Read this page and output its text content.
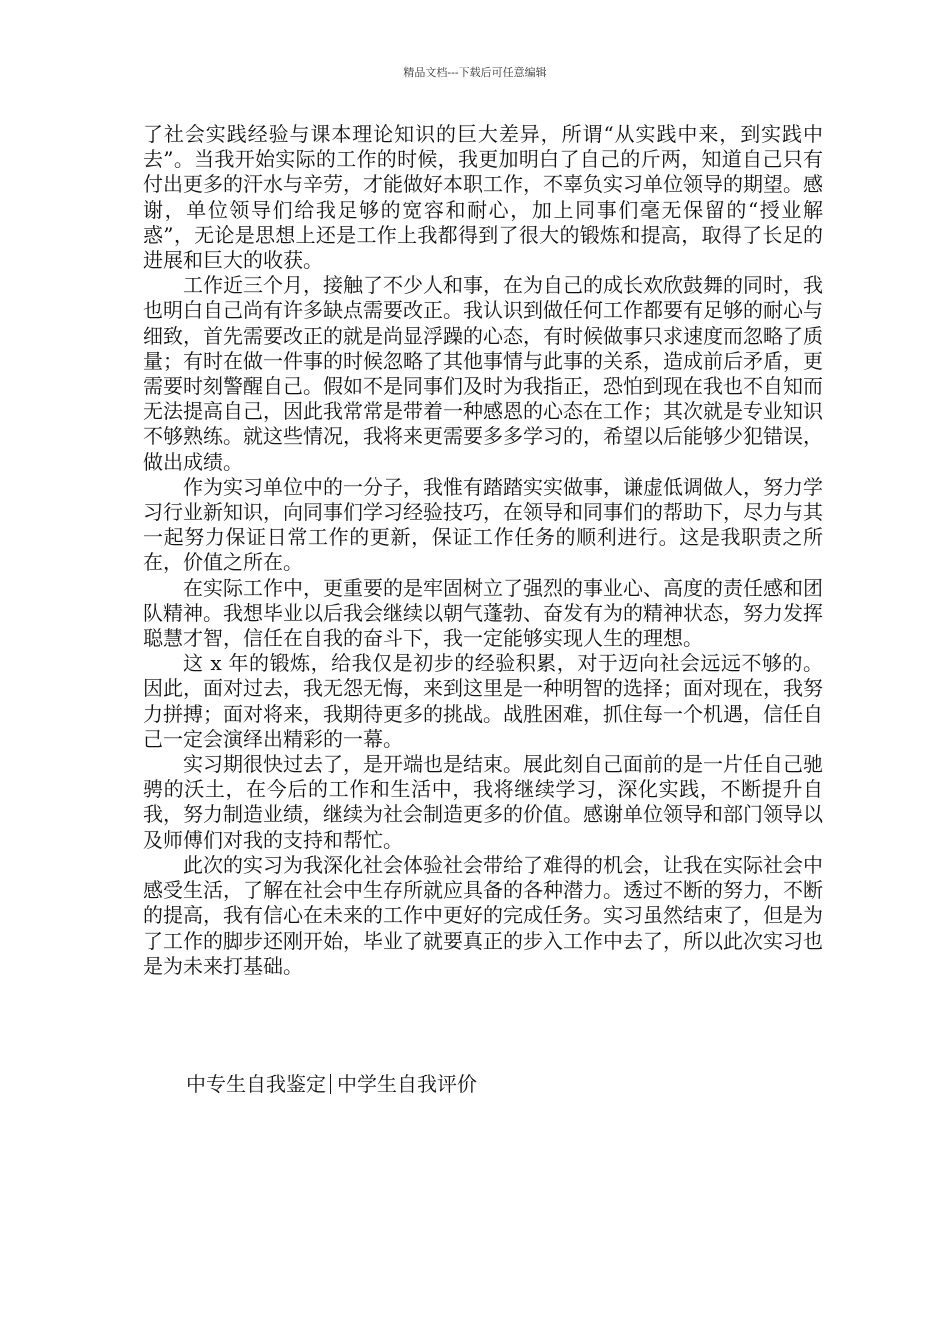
精品文档---下载后可任意编辑

了社会实践经验与课本理论知识的巨大差异，所谓“从实践中来，到实践中去”。当我开始实际的工作的时候，我更加明白了自己的斤两，知道自己只有付出更多的汗水与辛劳，才能做好本职工作，不辜负实习单位领导的期望。感谢，单位领导们给我足够的宽容和耐心，加上同事们毫无保留的“授业解惑”，无论是思想上还是工作上我都得到了很大的锻炼和提高，取得了长足的进展和巨大的收获。

工作近三个月，接触了不少人和事，在为自己的成长欢欣鼓舞的同时，我也明白自己尚有许多缺点需要改正。我认识到做任何工作都要有足够的耐心与细致，首先需要改正的就是尚显浮躁的心态，有时候做事只求速度而忽略了质量；有时在做一件事的时候忽略了其他事情与此事的关系，造成前后矛盾，更需要时刻警醒自己。假如不是同事们及时为我指正，恐怕到现在我也不自知而无法提高自己，因此我常常是带着一种感恩的心态在工作；其次就是专业知识不够熟练。就这些情况，我将来更需要多多学习的，希望以后能够少犯错误，做出成绩。

作为实习单位中的一分子，我惟有踏踏实实做事，谦虚低调做人，努力学习行业新知识，向同事们学习经验技巧，在领导和同事们的帮助下，尽力与其一起努力保证日常工作的更新，保证工作任务的顺利进行。这是我职责之所在，价值之所在。

在实际工作中，更重要的是牢固树立了强烈的事业心、高度的责任感和团队精神。我想毕业以后我会继续以朝气蓬勃、奋发有为的精神状态，努力发挥聪慧才智，信任在自我的奋斗下，我一定能够实现人生的理想。

这 x 年的锻炼，给我仅是初步的经验积累，对于迈向社会远远不够的。因此，面对过去，我无怨无悔，来到这里是一种明智的选择；面对现在，我努力拼搏；面对将来，我期待更多的挑战。战胜困难，抓住每一个机遇，信任自己一定会演绎出精彩的一幕。

实习期很快过去了，是开端也是结束。展此刻自己面前的是一片任自己驰骋的沃土，在今后的工作和生活中，我将继续学习，深化实践，不断提升自我，努力制造业绩，继续为社会制造更多的价值。感谢单位领导和部门领导以及师傅们对我的支持和帮忙。

此次的实习为我深化社会体验社会带给了难得的机会，让我在实际社会中感受生活，了解在社会中生存所就应具备的各种潜力。透过不断的努力，不断的提高，我有信心在未来的工作中更好的完成任务。实习虽然结束了，但是为了工作的脚步还刚开始，毕业了就要真正的步入工作中去了，所以此次实习也是为未来打基础。

中专生自我鉴定 中学生自我评价
